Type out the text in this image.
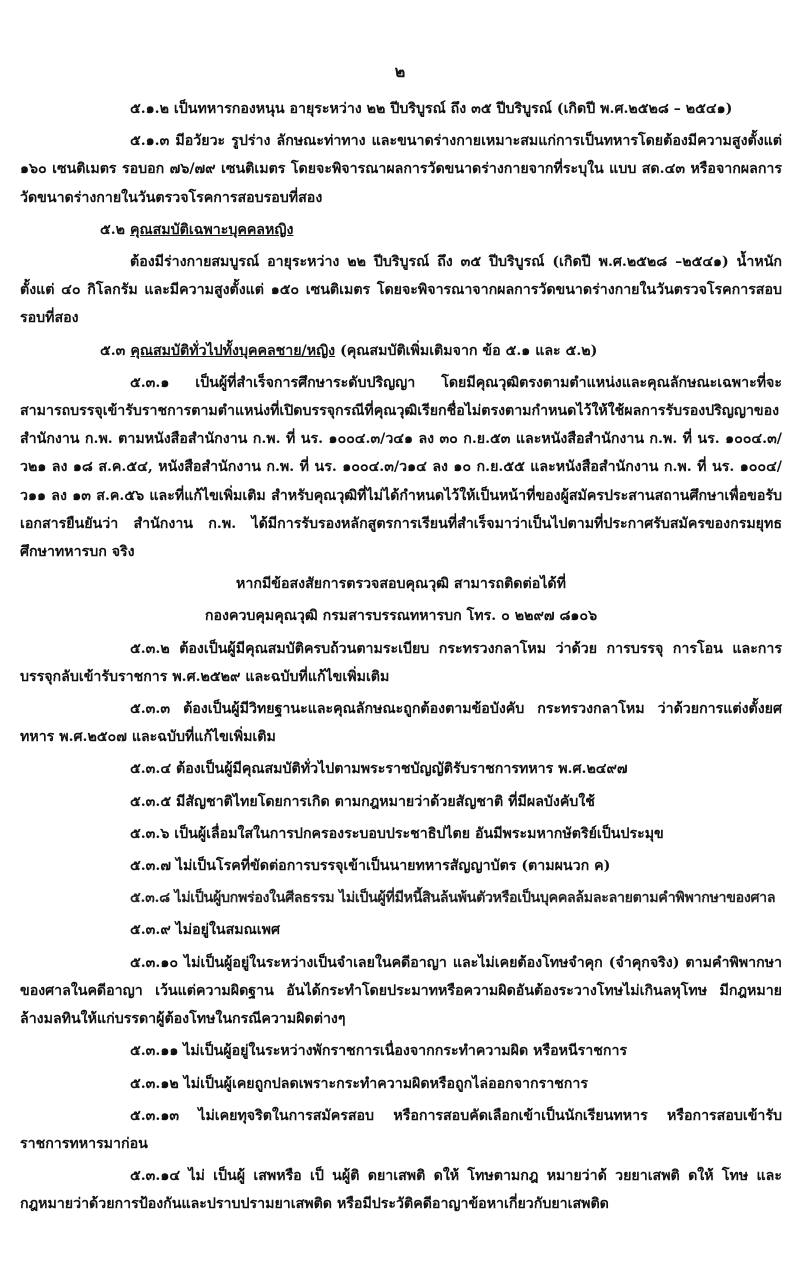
๒

๕.๑.๒ เป็นทหารกองหนุน อายุระหว่าง ๒๒ ปีบริบูรณ์ ถึง ๓๕ ปีบริบูรณ์ (เกิดปี พ.ศ.๒๕๒๘ – ๒๕๔๑)

๕.๑.๓ มีอวัยวะ รูปร่าง ลักษณะท่าทาง และขนาดร่างกายเหมาะสมแก่การเป็นทหารโดยต้องมีความสูงตั้งแต่ ๑๖๐ เซนติเมตร รอบอก ๗๖/๗๙ เซนติเมตร โดยจะพิจารณาผลการวัดขนาดร่างกายจากที่ระบุใน แบบ สด.๔๓ หรือจากผลการวัดขนาดร่างกายในวันตรวจโรคการสอบรอบที่สอง

๕.๒ คุณสมบัติเฉพาะบุคคลหญิง

ต้องมีร่างกายสมบูรณ์ อายุระหว่าง ๒๒ ปีบริบูรณ์ ถึง ๓๕ ปีบริบูรณ์ (เกิดปี พ.ศ.๒๕๒๘ –๒๕๔๑) น้ำหนักตั้งแต่ ๔๐ กิโลกรัม และมีความสูงตั้งแต่ ๑๕๐ เซนติเมตร โดยจะพิจารณาจากผลการวัดขนาดร่างกายในวันตรวจโรคการสอบรอบที่สอง

๕.๓ คุณสมบัติทั่วไปทั้งบุคคลชาย/หญิง (คุณสมบัติเพิ่มเติมจาก ข้อ ๕.๑ และ ๕.๒)

๕.๓.๑ เป็นผู้ที่สำเร็จการศึกษาระดับปริญญา โดยมีคุณวุฒิตรงตามตำแหน่งและคุณลักษณะเฉพาะที่จะสามารถบรรจุเข้ารับราชการตามตำแหน่งที่เปิดบรรจุกรณีที่คุณวุฒิเรียกชื่อไม่ตรงตามกำหนดไว้ให้ใช้ผลการรับรองปริญญาของสำนักงาน ก.พ. ตามหนังสือสำนักงาน ก.พ. ที่ นร. ๑๐๐๔.๓/ว๔๑ ลง ๓๐ ก.ย.๕๓ และหนังสือสำนักงาน ก.พ. ที่ นร. ๑๐๐๔.๓/ว๒๑ ลง ๑๘ ส.ค.๕๔, หนังสือสำนักงาน ก.พ. ที่ นร. ๑๐๐๔.๓/ว๑๔ ลง ๑๐ ก.ย.๕๕ และหนังสือสำนักงาน ก.พ. ที่ นร. ๑๐๐๔/ว๑๑ ลง ๑๓ ส.ค.๕๖ และที่แก้ไขเพิ่มเติม สำหรับคุณวุฒิที่ไม่ได้กำหนดไว้ให้เป็นหน้าที่ของผู้สมัครประสานสถานศึกษาเพื่อขอรับเอกสารยืนยันว่า สำนักงาน ก.พ. ได้มีการรับรองหลักสูตรการเรียนที่สำเร็จมาว่าเป็นไปตามที่ประกาศรับสมัครของกรมยุทธศึกษาทหารบก จริง

หากมีข้อสงสัยการตรวจสอบคุณวุฒิ สามารถติดต่อได้ที่

กองควบคุมคุณวุฒิ กรมสารบรรณทหารบก โทร. ๐ ๒๒๙๗ ๘๑๐๖

๕.๓.๒ ต้องเป็นผู้มีคุณสมบัติครบถ้วนตามระเบียบ กระทรวงกลาโหม ว่าด้วย การบรรจุ การโอน และการบรรจุกลับเข้ารับราชการ พ.ศ.๒๕๒๙ และฉบับที่แก้ไขเพิ่มเติม

๕.๓.๓ ต้องเป็นผู้มีวิทยฐานะและคุณลักษณะถูกต้องตามข้อบังคับ กระทรวงกลาโหม ว่าด้วยการแต่งตั้งยศทหาร พ.ศ.๒๕๐๗ และฉบับที่แก้ไขเพิ่มเติม

๕.๓.๔ ต้องเป็นผู้มีคุณสมบัติทั่วไปตามพระราชบัญญัติรับราชการทหาร พ.ศ.๒๔๙๗

๕.๓.๕ มีสัญชาติไทยโดยการเกิด ตามกฎหมายว่าด้วยสัญชาติ ที่มีผลบังคับใช้

๕.๓.๖ เป็นผู้เลื่อมใสในการปกครองระบอบประชาธิปไตย อันมีพระมหากษัตริย์เป็นประมุข

๕.๓.๗ ไม่เป็นโรคที่ขัดต่อการบรรจุเข้าเป็นนายทหารสัญญาบัตร (ตามผนวก ค)

๕.๓.๘ ไม่เป็นผู้บกพร่องในศีลธรรม ไม่เป็นผู้ที่มีหนี้สินล้นพ้นตัวหรือเป็นบุคคลล้มละลายตามคำพิพากษาของศาล

๕.๓.๙ ไม่อยู่ในสมณเพศ

๕.๓.๑๐ ไม่เป็นผู้อยู่ในระหว่างเป็นจำเลยในคดีอาญา และไม่เคยต้องโทษจำคุก (จำคุกจริง) ตามคำพิพากษาของศาลในคดีอาญา เว้นแต่ความผิดฐาน อันได้กระทำโดยประมาทหรือความผิดอันต้องระวางโทษไม่เกินลหุโทษ มีกฎหมายล้างมลทินให้แก่บรรดาผู้ต้องโทษในกรณีความผิดต่างๆ

๕.๓.๑๑ ไม่เป็นผู้อยู่ในระหว่างพักราชการเนื่องจากกระทำความผิด หรือหนีราชการ

๕.๓.๑๒ ไม่เป็นผู้เคยถูกปลดเพราะกระทำความผิดหรือถูกไล่ออกจากราชการ

๕.๓.๑๓ ไม่เคยทุจริตในการสมัครสอบ หรือการสอบคัดเลือกเข้าเป็นนักเรียนทหาร หรือการสอบเข้ารับราชการทหารมาก่อน

๕.๓.๑๔ ไม่ เป็นผู้ เสพหรือ เป็ นผู้ติ ดยาเสพติ ดให้ โทษตามกฎ หมายว่าด้ วยยาเสพติ ดให้ โทษ และกฎหมายว่าด้วยการป้องกันและปราบปรามยาเสพติด หรือมีประวัติคดีอาญาข้อหาเกี่ยวกับยาเสพติด
